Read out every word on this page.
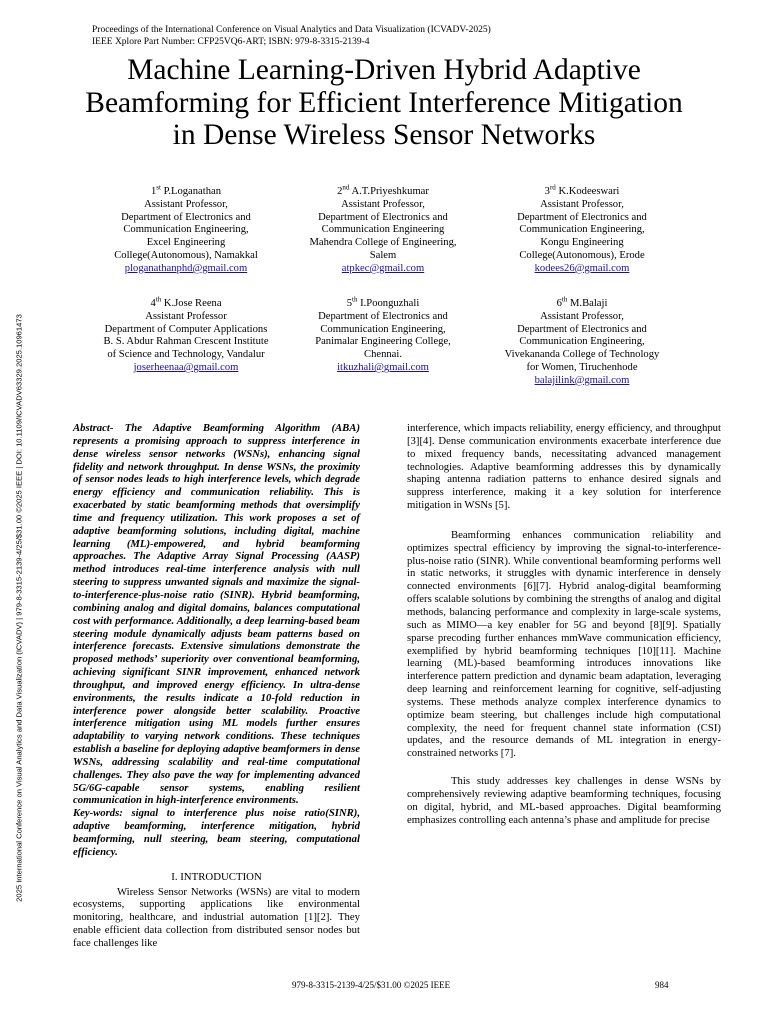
Proceedings of the International Conference on Visual Analytics and Data Visualization (ICVADV-2025)
IEEE Xplore Part Number: CFP25VQ6-ART; ISBN: 979-8-3315-2139-4
Machine Learning-Driven Hybrid Adaptive Beamforming for Efficient Interference Mitigation in Dense Wireless Sensor Networks
1st P.Loganathan
Assistant Professor,
Department of Electronics and
Communication Engineering,
Excel Engineering
College(Autonomous), Namakkal
ploganathanphd@gmail.com
2nd A.T.Priyeshkumar
Assistant Professor,
Department of Electronics and
Communication Engineering
Mahendra College of Engineering,
Salem
atpkec@gmail.com
3rd K.Kodeeswari
Assistant Professor,
Department of Electronics and
Communication Engineering,
Kongu Engineering
College(Autonomous), Erode
kodees26@gmail.com
4th K.Jose Reena
Assistant Professor
Department of Computer Applications
B. S. Abdur Rahman Crescent Institute
of Science and Technology, Vandalur
joserheenaa@gmail.com
5th I.Poonguzhali
Department of Electronics and
Communication Engineering,
Panimalar Engineering College,
Chennai.
itkuzhali@gmail.com
6th M.Balaji
Assistant Professor,
Department of Electronics and
Communication Engineering,
Vivekananda College of Technology
for Women, Tiruchenhode
balajilink@gmail.com
2025 International Conference on Visual Analytics and Data Visualization (ICVADV) | 979-8-3315-2139-4/25/$31.00 ©2025 IEEE | DOI: 10.1109/ICVADV63329.2025.10961473	Abstract- The Adaptive Beamforming Algorithm (ABA) represents a promising approach to suppress interference in dense wireless sensor networks (WSNs), enhancing signal fidelity and network throughput. In dense WSNs, the proximity of sensor nodes leads to high interference levels, which degrade energy efficiency and communication reliability. This is exacerbated by static beamforming methods that oversimplify time and frequency utilization. This work proposes a set of adaptive beamforming solutions, including digital, machine learning (ML)-empowered, and hybrid beamforming approaches. The Adaptive Array Signal Processing (AASP) method introduces real-time interference analysis with null steering to suppress unwanted signals and maximize the signal-to-interference-plus-noise ratio (SINR). Hybrid beamforming, combining analog and digital domains, balances computational cost with performance. Additionally, a deep learning-based beam steering module dynamically adjusts beam patterns based on interference forecasts. Extensive simulations demonstrate the proposed methods’ superiority over conventional beamforming, achieving significant SINR improvement, enhanced network throughput, and improved energy efficiency. In ultra-dense environments, the results indicate a 10-fold reduction in interference power alongside better scalability. Proactive interference mitigation using ML models further ensures adaptability to varying network conditions. These techniques establish a baseline for deploying adaptive beamformers in dense WSNs, addressing scalability and real-time computational challenges. They also pave the way for implementing advanced 5G/6G-capable sensor systems, enabling resilient communication in high-interference environments.

Key-words: signal to interference plus noise ratio(SINR), adaptive beamforming, interference mitigation, hybrid beamforming, null steering, beam steering, computational efficiency.

I. INTRODUCTION

Wireless Sensor Networks (WSNs) are vital to modern ecosystems, supporting applications like environmental monitoring, healthcare, and industrial automation [1][2]. They enable efficient data collection from distributed sensor nodes but face challenges like

interference, which impacts reliability, energy efficiency, and throughput [3][4]. Dense communication environments exacerbate interference due to mixed frequency bands, necessitating advanced management technologies. Adaptive beamforming addresses this by dynamically shaping antenna radiation patterns to enhance desired signals and suppress interference, making it a key solution for interference mitigation in WSNs [5].

Beamforming enhances communication reliability and optimizes spectral efficiency by improving the signal-to-interference-plus-noise ratio (SINR). While conventional beamforming performs well in static networks, it struggles with dynamic interference in densely connected environments [6][7]. Hybrid analog-digital beamforming offers scalable solutions by combining the strengths of analog and digital methods, balancing performance and complexity in large-scale systems, such as MIMO—a key enabler for 5G and beyond [8][9]. Spatially sparse precoding further enhances mmWave communication efficiency, exemplified by hybrid beamforming techniques [10][11]. Machine learning (ML)-based beamforming introduces innovations like interference pattern prediction and dynamic beam adaptation, leveraging deep learning and reinforcement learning for cognitive, self-adjusting systems. These methods analyze complex interference dynamics to optimize beam steering, but challenges include high computational complexity, the need for frequent channel state information (CSI) updates, and the resource demands of ML integration in energy-constrained networks [7].

This study addresses key challenges in dense WSNs by comprehensively reviewing adaptive beamforming techniques, focusing on digital, hybrid, and ML-based approaches. Digital beamforming emphasizes controlling each antenna’s phase and amplitude for precise

979-8-3315-2139-4/25/$31.00 ©2025 IEEE	984
